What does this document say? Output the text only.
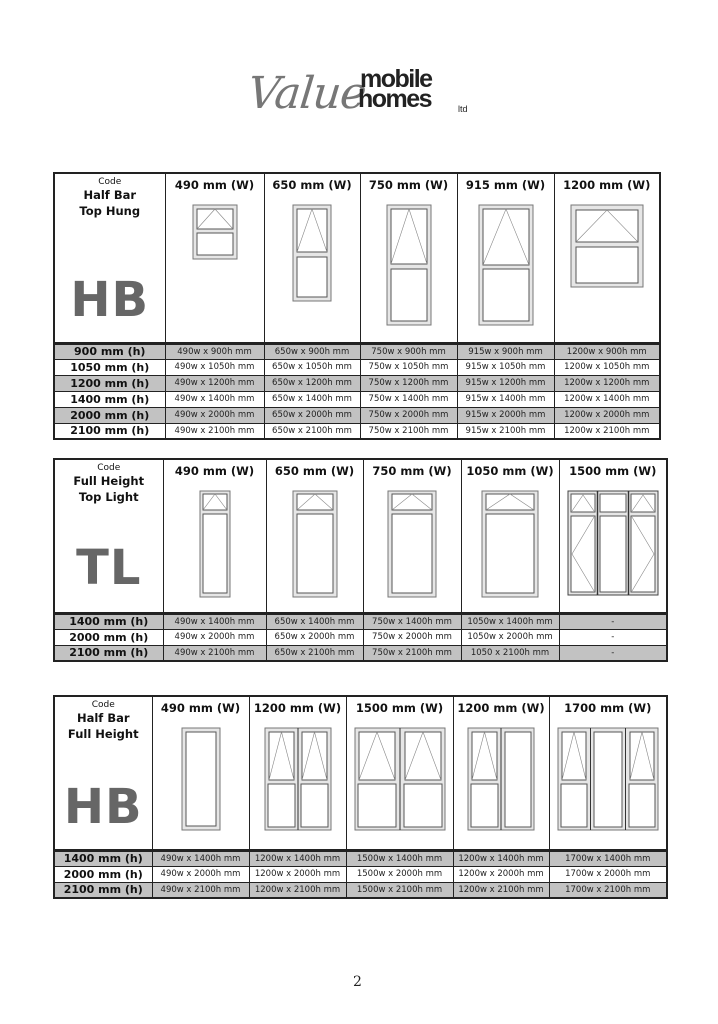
Value
mobile
homes	ltd
Code
Half Bar
Top Hung
HB	490 mm (W)	650 mm (W)	750 mm (W)	915 mm (W)	1200 mm (W)

900 mm (h)	490w x 900h mm	650w x 900h mm	750w x 900h mm	915w x 900h mm	1200w x 900h mm
1050 mm (h)	490w x 1050h mm	650w x 1050h mm	750w x 1050h mm	915w x 1050h mm	1200w x 1050h mm
1200 mm (h)	490w x 1200h mm	650w x 1200h mm	750w x 1200h mm	915w x 1200h mm	1200w x 1200h mm
1400 mm (h)	490w x 1400h mm	650w x 1400h mm	750w x 1400h mm	915w x 1400h mm	1200w x 1400h mm
2000 mm (h)	490w x 2000h mm	650w x 2000h mm	750w x 2000h mm	915w x 2000h mm	1200w x 2000h mm
2100 mm (h)	490w x 2100h mm	650w x 2100h mm	750w x 2100h mm	915w x 2100h mm	1200w x 2100h mm
Code
Full Height
Top Light
TL	490 mm (W)	650 mm (W)	750 mm (W)	1050 mm (W)	1500 mm (W)

1400 mm (h)	490w x 1400h mm	650w x 1400h mm	750w x 1400h mm	1050w x 1400h mm	-
2000 mm (h)	490w x 2000h mm	650w x 2000h mm	750w x 2000h mm	1050w x 2000h mm	-
2100 mm (h)	490w x 2100h mm	650w x 2100h mm	750w x 2100h mm	1050 x 2100h mm	-
Code
Half Bar
Full Height
HB	490 mm (W)	1200 mm (W)	1500 mm (W)	1200 mm (W)	1700 mm (W)

1400 mm (h)	490w x 1400h mm	1200w x 1400h mm	1500w x 1400h mm	1200w x 1400h mm	1700w x 1400h mm
2000 mm (h)	490w x 2000h mm	1200w x 2000h mm	1500w x 2000h mm	1200w x 2000h mm	1700w x 2000h mm
2100 mm (h)	490w x 2100h mm	1200w x 2100h mm	1500w x 2100h mm	1200w x 2100h mm	1700w x 2100h mm
2
